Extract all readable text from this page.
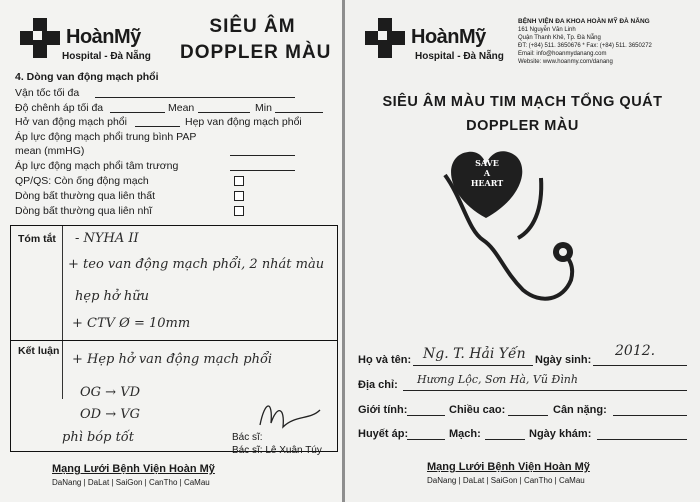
HoànMỹ
Hospital - Đà Nẵng
SIÊU ÂM
DOPPLER MÀU
4. Dòng van động mạch phổi
Vận tốc tối đa
Độ chênh áp tối đa	Mean	Min
Hở van động mạch phổi	Hẹp van động mạch phổi
Áp lực động mạch phổi trung bình PAP
mean (mmHG)
Áp lực động mạch phổi tâm trương
QP/QS: Còn ống động mạch
Dòng bất thường qua liên thất
Dòng bất thường qua liên nhĩ
Tóm tắt - NYHA II
+ teo van động mạch phổi, 2 nhát màu
hẹp hở hữu
+ CTV Ø = 10mm
Kết luận
+ Hẹp hở van động mạch phổi
OG → VD
OD → VG
phì bóp tốt	Bác sĩ:
Bác sĩ: Lê Xuân Túy
Mạng Lưới Bệnh Viện Hoàn Mỹ
DaNang | DaLat | SaiGon | CanTho | CaMau
HoànMỹ
Hospital - Đà Nẵng
BỆNH VIỆN ĐA KHOA HOÀN MỸ ĐÀ NẴNG
161 Nguyễn Văn Linh
Quận Thanh Khê, Tp. Đà Nẵng
ĐT: (+84) 511. 3650676 * Fax: (+84) 511. 3650272
Email: info@hoanmydanang.com
Website: www.hoanmy.com/danang
SIÊU ÂM MÀU TIM MẠCH TỔNG QUÁT
DOPPLER MÀU
SAVE
A
HEART
Họ và tên: Ng. T. Hải Yến Ngày sinh:
2012.
Địa chỉ: Hương Lộc, Sơn Hà, Vũ Đình
Giới tính:	Chiều cao:	Cân nặng:
Huyết áp:	Mạch:	Ngày khám:
Mạng Lưới Bệnh Viện Hoàn Mỹ
DaNang | DaLat | SaiGon | CanTho | CaMau
